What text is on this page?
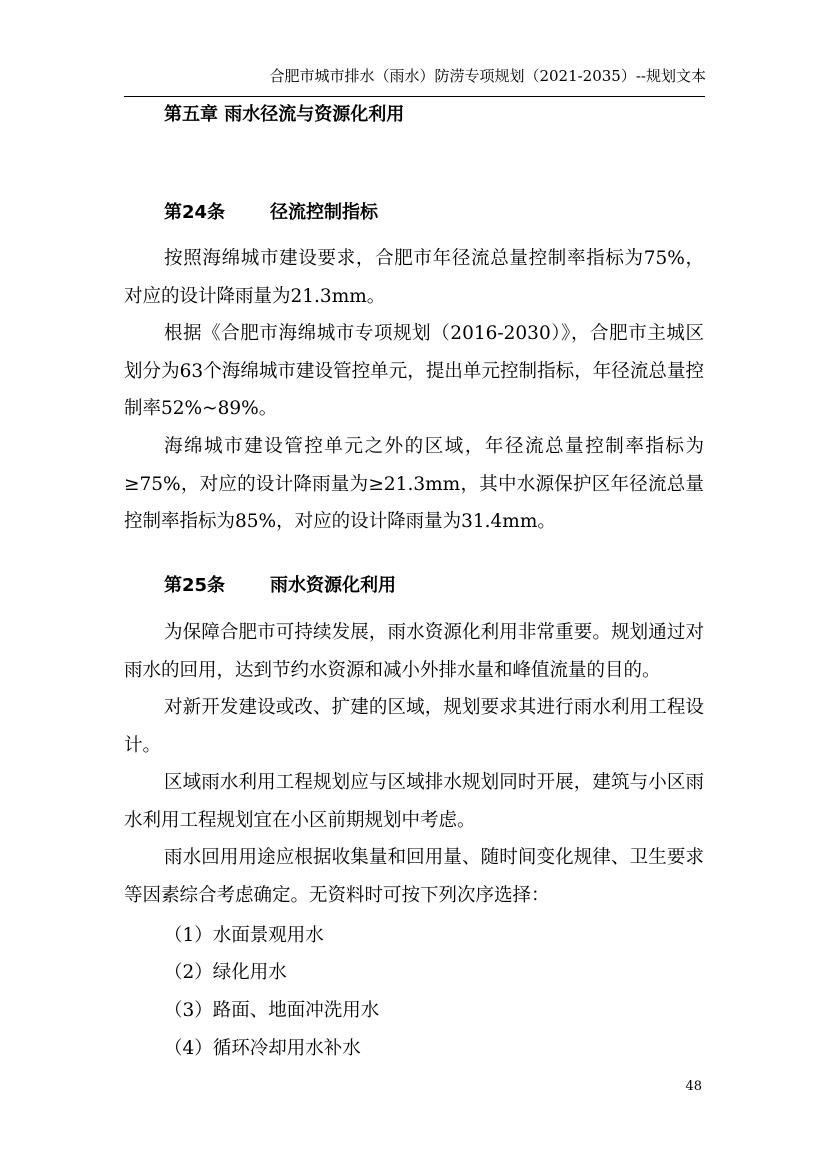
合肥市城市排水（雨水）防涝专项规划（2021-2035）--规划文本
第五章 雨水径流与资源化利用
第24条 径流控制指标

按照海绵城市建设要求，合肥市年径流总量控制率指标为75%，对应的设计降雨量为21.3mm。

根据《合肥市海绵城市专项规划（2016-2030）》，合肥市主城区划分为63个海绵城市建设管控单元，提出单元控制指标，年径流总量控制率52%~89%。

海绵城市建设管控单元之外的区域，年径流总量控制率指标为≥75%，对应的设计降雨量为≥21.3mm，其中水源保护区年径流总量控制率指标为85%，对应的设计降雨量为31.4mm。

第25条 雨水资源化利用

为保障合肥市可持续发展，雨水资源化利用非常重要。规划通过对雨水的回用，达到节约水资源和减小外排水量和峰值流量的目的。

对新开发建设或改、扩建的区域，规划要求其进行雨水利用工程设计。

区域雨水利用工程规划应与区域排水规划同时开展，建筑与小区雨水利用工程规划宜在小区前期规划中考虑。

雨水回用用途应根据收集量和回用量、随时间变化规律、卫生要求等因素综合考虑确定。无资料时可按下列次序选择：

（1）水面景观用水

（2）绿化用水

（3）路面、地面冲洗用水

（4）循环冷却用水补水

48
